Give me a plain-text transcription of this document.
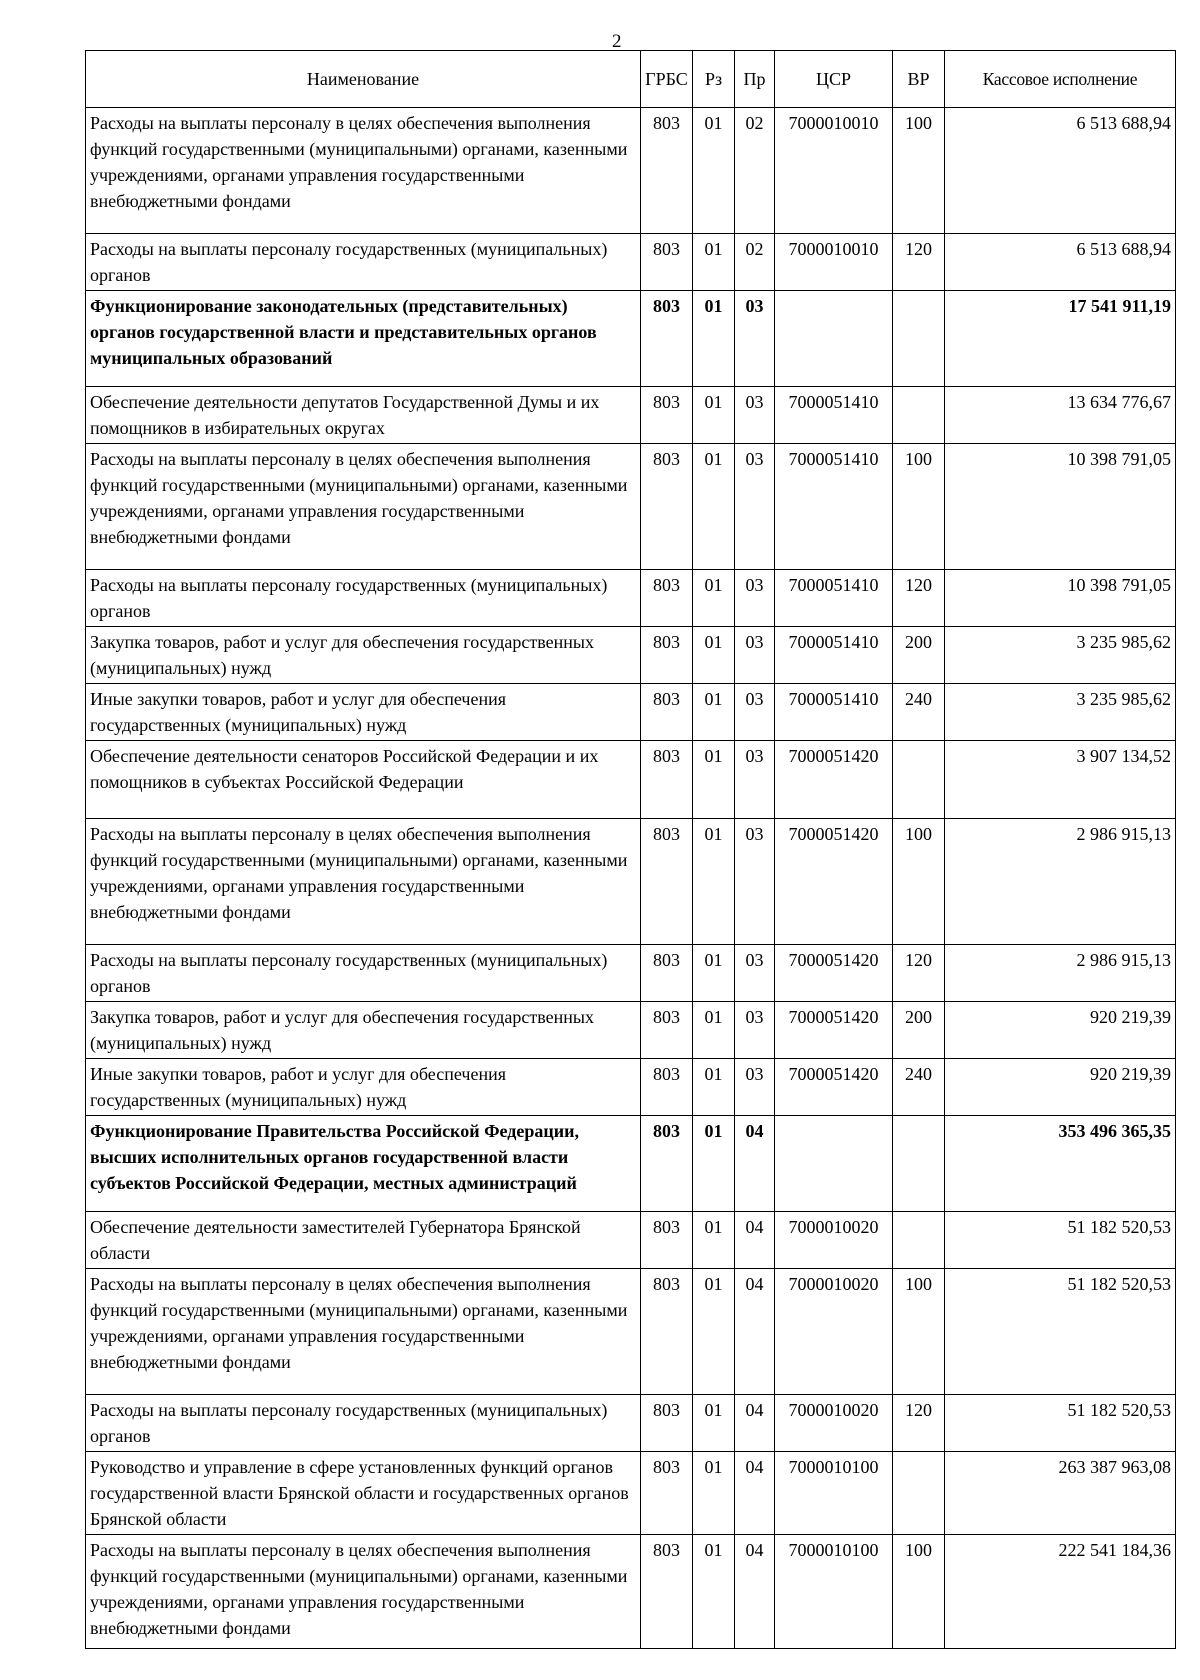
2
Наименование	ГРБС	Рз	Пр	ЦСР	ВР	Кассовое исполнение
Расходы на выплаты персоналу в целях обеспечения выполнения функций государственными (муниципальными) органами, казенными учреждениями, органами управления государственными внебюджетными фондами	803	01	02	7000010010	100	6 513 688,94
Расходы на выплаты персоналу государственных (муниципальных) органов	803	01	02	7000010010	120	6 513 688,94
Функционирование законодательных (представительных) органов государственной власти и представительных органов муниципальных образований	803	01	03			17 541 911,19
Обеспечение деятельности депутатов Государственной Думы и их помощников в избирательных округах	803	01	03	7000051410		13 634 776,67
Расходы на выплаты персоналу в целях обеспечения выполнения функций государственными (муниципальными) органами, казенными учреждениями, органами управления государственными внебюджетными фондами	803	01	03	7000051410	100	10 398 791,05
Расходы на выплаты персоналу государственных (муниципальных) органов	803	01	03	7000051410	120	10 398 791,05
Закупка товаров, работ и услуг для обеспечения государственных (муниципальных) нужд	803	01	03	7000051410	200	3 235 985,62
Иные закупки товаров, работ и услуг для обеспечения государственных (муниципальных) нужд	803	01	03	7000051410	240	3 235 985,62
Обеспечение деятельности сенаторов Российской Федерации и их помощников в субъектах Российской Федерации	803	01	03	7000051420		3 907 134,52
Расходы на выплаты персоналу в целях обеспечения выполнения функций государственными (муниципальными) органами, казенными учреждениями, органами управления государственными внебюджетными фондами	803	01	03	7000051420	100	2 986 915,13
Расходы на выплаты персоналу государственных (муниципальных) органов	803	01	03	7000051420	120	2 986 915,13
Закупка товаров, работ и услуг для обеспечения государственных (муниципальных) нужд	803	01	03	7000051420	200	920 219,39
Иные закупки товаров, работ и услуг для обеспечения государственных (муниципальных) нужд	803	01	03	7000051420	240	920 219,39
Функционирование Правительства Российской Федерации, высших исполнительных органов государственной власти субъектов Российской Федерации, местных администраций	803	01	04			353 496 365,35
Обеспечение деятельности заместителей Губернатора Брянской области	803	01	04	7000010020		51 182 520,53
Расходы на выплаты персоналу в целях обеспечения выполнения функций государственными (муниципальными) органами, казенными учреждениями, органами управления государственными внебюджетными фондами	803	01	04	7000010020	100	51 182 520,53
Расходы на выплаты персоналу государственных (муниципальных) органов	803	01	04	7000010020	120	51 182 520,53
Руководство и управление в сфере установленных функций органов государственной власти Брянской области и государственных органов Брянской области	803	01	04	7000010100		263 387 963,08
Расходы на выплаты персоналу в целях обеспечения выполнения функций государственными (муниципальными) органами, казенными учреждениями, органами управления государственными внебюджетными фондами	803	01	04	7000010100	100	222 541 184,36
